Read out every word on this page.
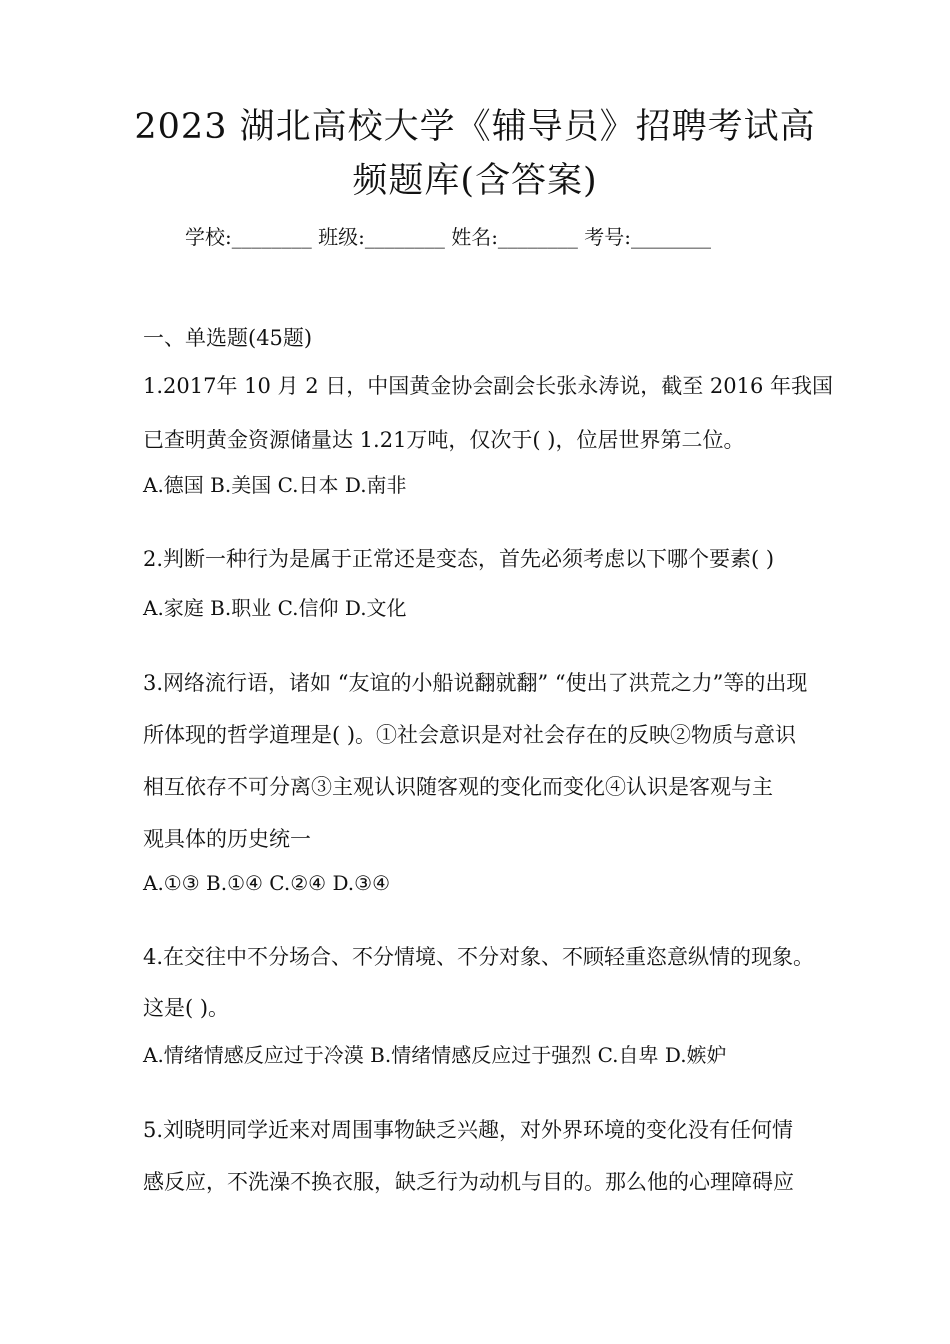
2023 湖北高校大学《辅导员》招聘考试高
频题库(含答案)
学校:________ 班级:________ 姓名:________ 考号:________
一、单选题(45题)
1.2017年 10 月 2 日，中国黄金协会副会长张永涛说，截至 2016 年我国
已查明黄金资源储量达 1.21万吨，仅次于( )，位居世界第二位。
A.德国 B.美国 C.日本 D.南非
2.判断一种行为是属于正常还是变态，首先必须考虑以下哪个要素( )
A.家庭 B.职业 C.信仰 D.文化
3.网络流行语，诸如 “友谊的小船说翻就翻” “使出了洪荒之力”等的出现
所体现的哲学道理是( )。①社会意识是对社会存在的反映②物质与意识
相互依存不可分离③主观认识随客观的变化而变化④认识是客观与主
观具体的历史统一
A.①③ B.①④ C.②④ D.③④
4.在交往中不分场合、不分情境、不分对象、不顾轻重恣意纵情的现象。
这是( )。
A.情绪情感反应过于冷漠 B.情绪情感反应过于强烈 C.自卑 D.嫉妒
5.刘晓明同学近来对周围事物缺乏兴趣，对外界环境的变化没有任何情
感反应，不洗澡不换衣服，缺乏行为动机与目的。那么他的心理障碍应
